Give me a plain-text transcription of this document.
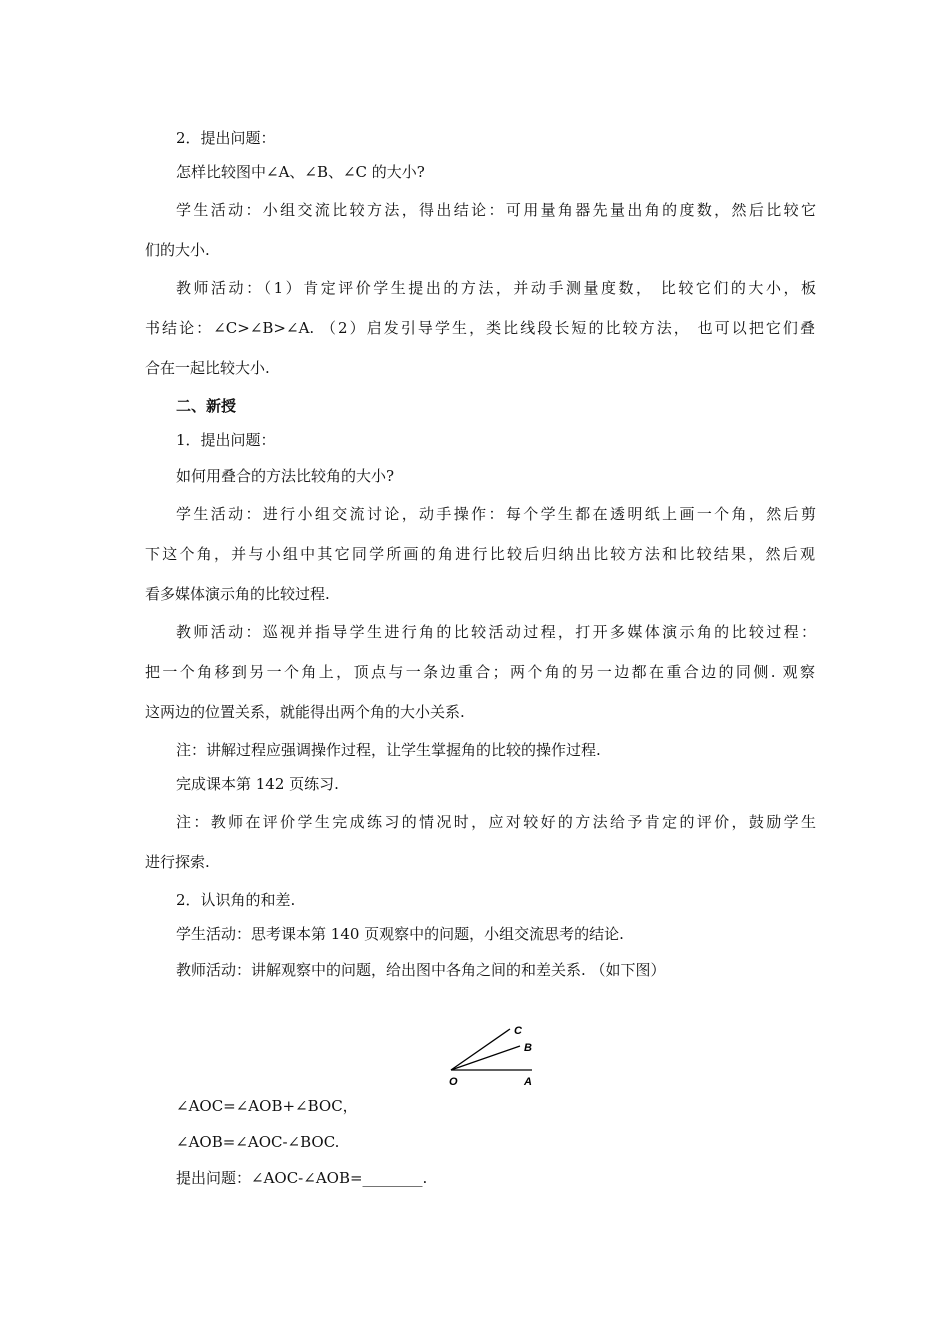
2．提出问题：
怎样比较图中∠A、∠B、∠C 的大小?
学生活动：小组交流比较方法，得出结论：可用量角器先量出角的度数，然后比较它
们的大小.
教师活动：（1）肯定评价学生提出的方法，并动手测量度数， 比较它们的大小，板
书结论：∠C>∠B>∠A. （2）启发引导学生，类比线段长短的比较方法， 也可以把它们叠
合在一起比较大小.
二、新授
1．提出问题：
如何用叠合的方法比较角的大小?
学生活动：进行小组交流讨论，动手操作：每个学生都在透明纸上画一个角，然后剪
下这个角，并与小组中其它同学所画的角进行比较后归纳出比较方法和比较结果，然后观
看多媒体演示角的比较过程.
教师活动：巡视并指导学生进行角的比较活动过程，打开多媒体演示角的比较过程：
把一个角移到另一个角上，顶点与一条边重合；两个角的另一边都在重合边的同侧. 观察
这两边的位置关系，就能得出两个角的大小关系.
注：讲解过程应强调操作过程，让学生掌握角的比较的操作过程.
完成课本第 142 页练习.
注：教师在评价学生完成练习的情况时，应对较好的方法给予肯定的评价，鼓励学生
进行探索.
2．认识角的和差.
学生活动：思考课本第 140 页观察中的问题，小组交流思考的结论.
教师活动：讲解观察中的问题，给出图中各角之间的和差关系. （如下图）
O	A
B
C
∠AOC=∠AOB+∠BOC，
∠AOB=∠AOC-∠BOC.
提出问题：∠AOC-∠AOB=________.
